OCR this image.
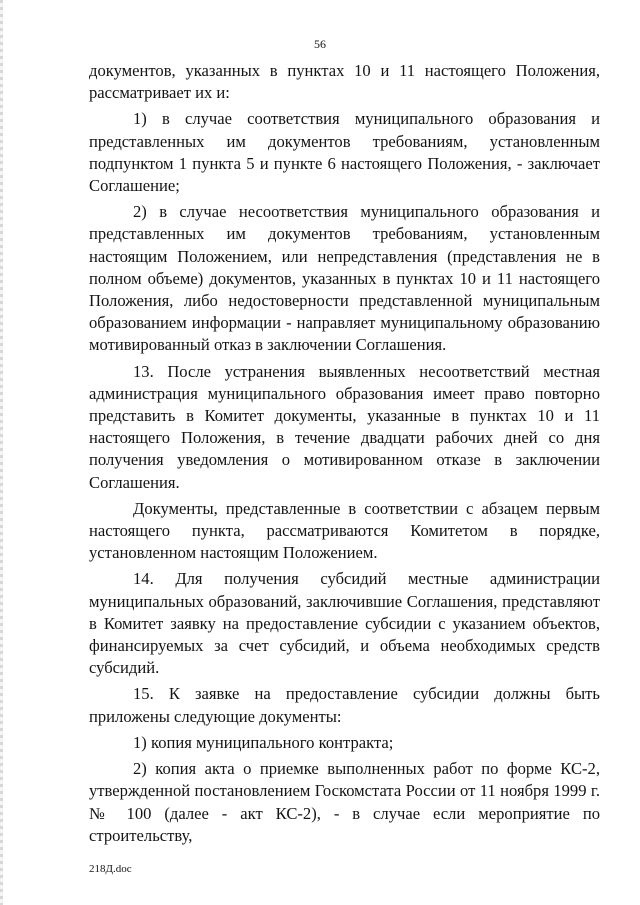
56

документов, указанных в пунктах 10 и 11 настоящего Положения, рассматривает их и:

1) в случае соответствия муниципального образования и представленных им документов требованиям, установленным подпунктом 1 пункта 5 и пункте 6 настоящего Положения, - заключает Соглашение;

2) в случае несоответствия муниципального образования и представленных им документов требованиям, установленным настоящим Положением, или непредставления (представления не в полном объеме) документов, указанных в пунктах 10 и 11 настоящего Положения, либо недостоверности представленной муниципальным образованием информации - направляет муниципальному образованию мотивированный отказ в заключении Соглашения.

13. После устранения выявленных несоответствий местная администрация муниципального образования имеет право повторно представить в Комитет документы, указанные в пунктах 10 и 11 настоящего Положения, в течение двадцати рабочих дней со дня получения уведомления о мотивированном отказе в заключении Соглашения.

Документы, представленные в соответствии с абзацем первым настоящего пункта, рассматриваются Комитетом в порядке, установленном настоящим Положением.

14. Для получения субсидий местные администрации муниципальных образований, заключившие Соглашения, представляют в Комитет заявку на предоставление субсидии с указанием объектов, финансируемых за счет субсидий, и объема необходимых средств субсидий.

15. К заявке на предоставление субсидии должны быть приложены следующие документы:

1) копия муниципального контракта;

2) копия акта о приемке выполненных работ по форме КС-2, утвержденной постановлением Госкомстата России от 11 ноября 1999 г. № 100 (далее - акт КС-2), - в случае если мероприятие по строительству,

218Д.doc
